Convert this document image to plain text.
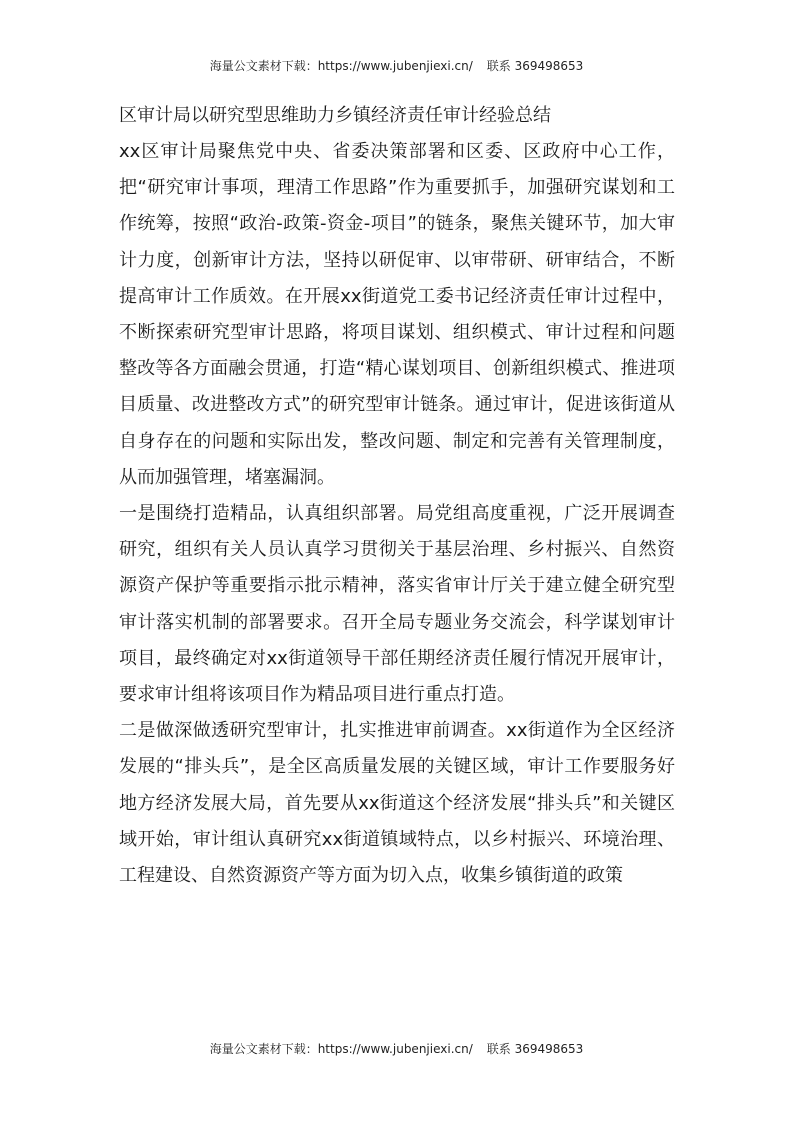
海量公文素材下载：https://www.jubenjiexi.cn/ 联系 369498653
区审计局以研究型思维助力乡镇经济责任审计经验总结

xx区审计局聚焦党中央、省委决策部署和区委、区政府中心工作，把“研究审计事项，理清工作思路”作为重要抓手，加强研究谋划和工作统筹，按照“政治-政策-资金-项目”的链条，聚焦关键环节，加大审计力度，创新审计方法，坚持以研促审、以审带研、研审结合，不断提高审计工作质效。在开展xx街道党工委书记经济责任审计过程中，不断探索研究型审计思路，将项目谋划、组织模式、审计过程和问题整改等各方面融会贯通，打造“精心谋划项目、创新组织模式、推进项目质量、改进整改方式”的研究型审计链条。通过审计，促进该街道从自身存在的问题和实际出发，整改问题、制定和完善有关管理制度，从而加强管理，堵塞漏洞。

一是围绕打造精品，认真组织部署。局党组高度重视，广泛开展调查研究，组织有关人员认真学习贯彻关于基层治理、乡村振兴、自然资源资产保护等重要指示批示精神，落实省审计厅关于建立健全研究型审计落实机制的部署要求。召开全局专题业务交流会，科学谋划审计项目，最终确定对xx街道领导干部任期经济责任履行情况开展审计，要求审计组将该项目作为精品项目进行重点打造。

二是做深做透研究型审计，扎实推进审前调查。xx街道作为全区经济发展的“排头兵”，是全区高质量发展的关键区域，审计工作要服务好地方经济发展大局，首先要从xx街道这个经济发展“排头兵”和关键区域开始，审计组认真研究xx街道镇域特点，以乡村振兴、环境治理、工程建设、自然资源资产等方面为切入点，收集乡镇街道的政策

海量公文素材下载：https://www.jubenjiexi.cn/ 联系 369498653
